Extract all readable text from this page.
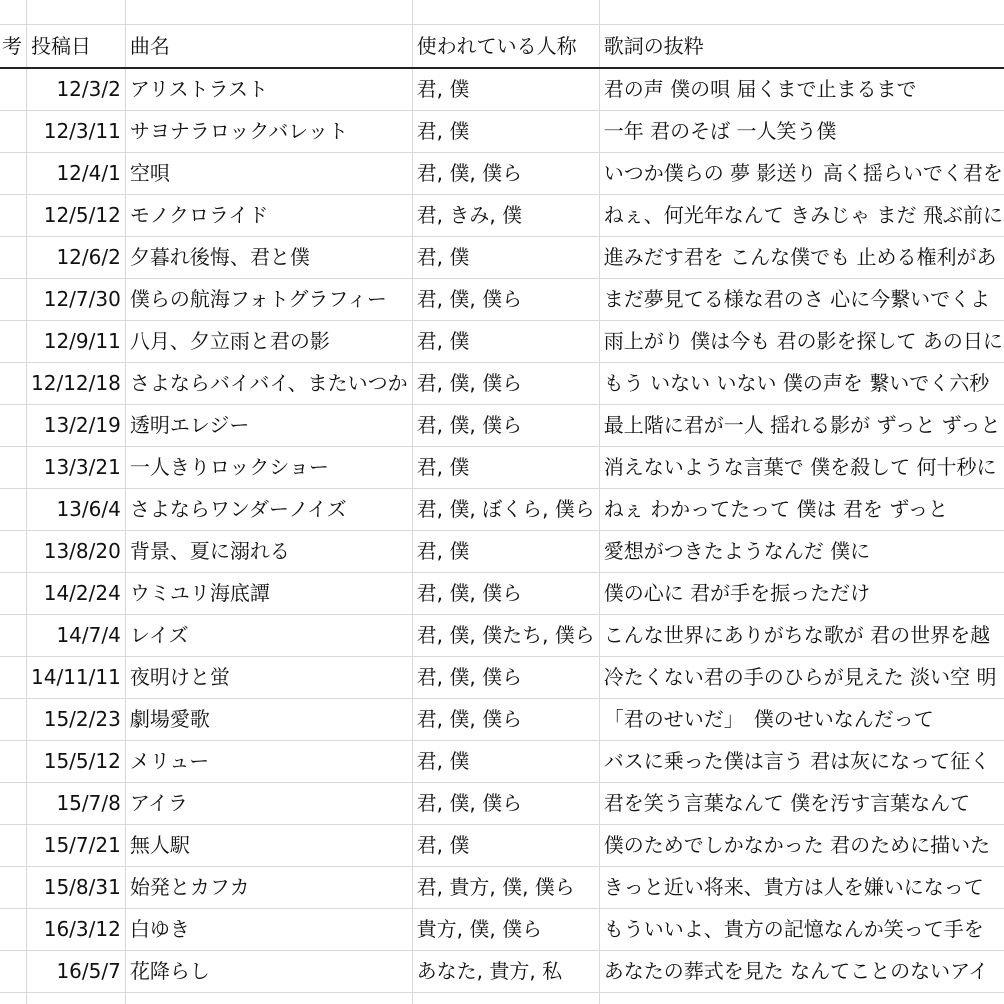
考	投稿日	曲名	使われている人称	歌詞の抜粋
	12/3/2	アリストラスト	君, 僕	君の声 僕の唄 届くまで止まるまで
	12/3/11	サヨナラロックバレット	君, 僕	一年 君のそば 一人笑う僕
	12/4/1	空唄	君, 僕, 僕ら	いつか僕らの 夢 影送り 高く揺らいでく君を
	12/5/12	モノクロライド	君, きみ, 僕	ねぇ、何光年なんて きみじゃ まだ 飛ぶ前に
	12/6/2	夕暮れ後悔、君と僕	君, 僕	進みだす君を こんな僕でも 止める権利があ
	12/7/30	僕らの航海フォトグラフィー	君, 僕, 僕ら	まだ夢見てる様な君のさ 心に今繋いでくよ
	12/9/11	八月、夕立雨と君の影	君, 僕	雨上がり 僕は今も 君の影を探して あの日に
	12/12/18	さよならバイバイ、またいつか	君, 僕, 僕ら	もう いない いない 僕の声を 繋いでく六秒
	13/2/19	透明エレジー	君, 僕, 僕ら	最上階に君が一人 揺れる影が ずっと ずっと
	13/3/21	一人きりロックショー	君, 僕	消えないような言葉で 僕を殺して 何十秒に
	13/6/4	さよならワンダーノイズ	君, 僕, ぼくら, 僕ら	ねぇ わかってたって 僕は 君を ずっと
	13/8/20	背景、夏に溺れる	君, 僕	愛想がつきたようなんだ 僕に
	14/2/24	ウミユリ海底譚	君, 僕, 僕ら	僕の心に 君が手を振っただけ
	14/7/4	レイズ	君, 僕, 僕たち, 僕ら	こんな世界にありがちな歌が 君の世界を越
	14/11/11	夜明けと蛍	君, 僕, 僕ら	冷たくない君の手のひらが見えた 淡い空 明
	15/2/23	劇場愛歌	君, 僕, 僕ら	「君のせいだ」　僕のせいなんだって
	15/5/12	メリュー	君, 僕	バスに乗った僕は言う 君は灰になって征く
	15/7/8	アイラ	君, 僕, 僕ら	君を笑う言葉なんて 僕を汚す言葉なんて
	15/7/21	無人駅	君, 僕	僕のためでしかなかった 君のために描いた
	15/8/31	始発とカフカ	君, 貴方, 僕, 僕ら	きっと近い将来、貴方は人を嫌いになって
	16/3/12	白ゆき	貴方, 僕, 僕ら	もういいよ、貴方の記憶なんか笑って手を
	16/5/7	花降らし	あなた, 貴方, 私	あなたの葬式を見た なんてことのないアイ
